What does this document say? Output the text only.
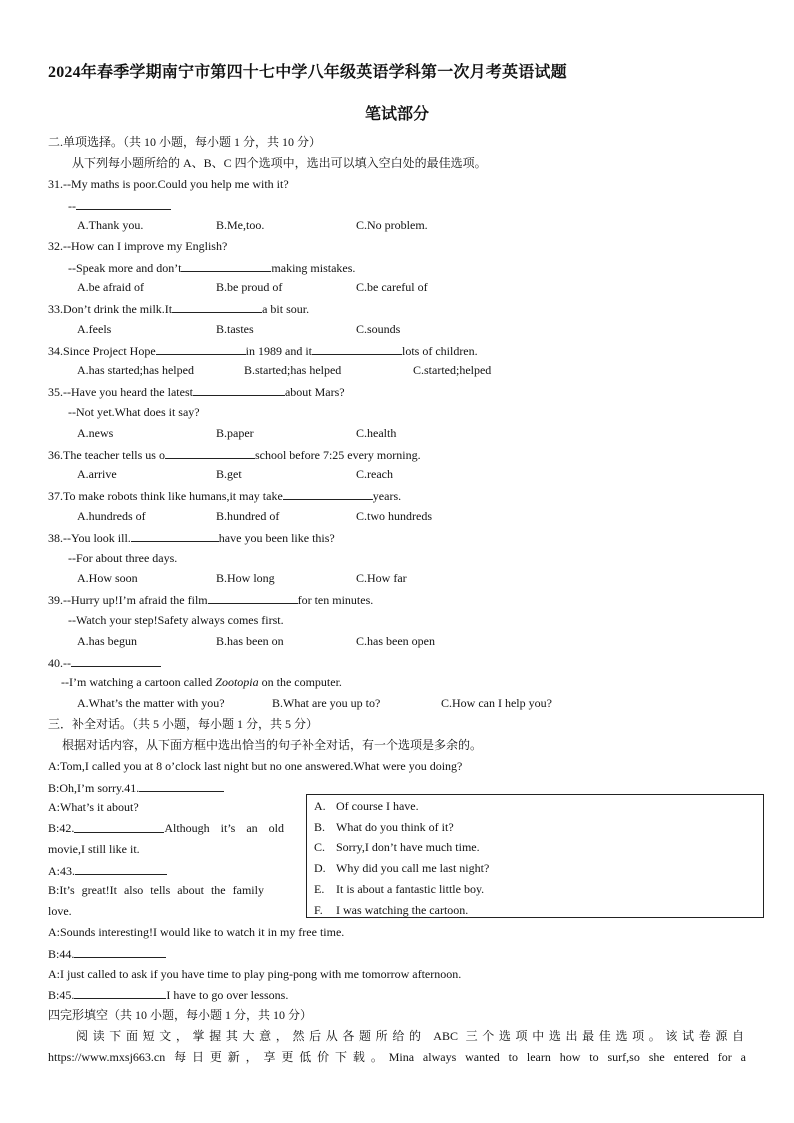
2024年春季学期南宁市第四十七中学八年级英语学科第一次月考英语试题
笔试部分
二.单项选择。（共 10 小题，每小题 1 分，共 10 分）
从下列每小题所给的 A、B、C 四个选项中，选出可以填入空白处的最佳选项。
31.--My maths is poor.Could you help me with it?
--
A.Thank you.	B.Me,too.	C.No problem.
32.--How can I improve my English?
--Speak more and don’t	making mistakes.
A.be afraid of	B.be proud of	C.be careful of
33.Don’t drink the milk.It	a bit sour.
A.feels	B.tastes	C.sounds
34.Since Project Hope	in 1989 and it	lots of children.
A.has started;has helped	B.started;has helped	C.started;helped
35.--Have you heard the latest	about Mars?
--Not yet.What does it say?
A.news	B.paper	C.health
36.The teacher tells us o	school before 7:25 every morning.
A.arrive	B.get	C.reach
37.To make robots think like humans,it may take	years.
A.hundreds of	B.hundred of	C.two hundreds
38.--You look ill.	have you been like this?
--For about three days.
A.How soon	B.How long	C.How far
39.--Hurry up!I’m afraid the film	for ten minutes.
--Watch your step!Safety always comes first.
A.has begun	B.has been on	C.has been open
40.--
--I’m watching a cartoon called Zootopia on the computer.
A.What’s the matter with you?	B.What are you up to?	C.How can I help you?
三．补全对话。（共 5 小题，每小题 1 分，共 5 分）
根据对话内容，从下面方框中选出恰当的句子补全对话，有一个选项是多余的。
A:Tom,I called you at 8 o’clock last night but no one answered.What were you doing?
B:Oh,I’m sorry.41.
A:What’s it about?
B:42.	Although it’s an old
movie,I still like it.
A:43.
B:It’s great!It also tells about the family
love.
A:Sounds interesting!I would like to watch it in my free time.
B:44.
A:I just called to ask if you have time to play ping-pong with me tomorrow afternoon.
B:45.	I have to go over lessons.
A. Of course I have.
B. What do you think of it?
C. Sorry,I don’t have much time.
D. Why did you call me last night?
E. It is about a fantastic little boy.
F. I was watching the cartoon.
四完形填空（共 10 小题，每小题 1 分，共 10 分）
阅读下面短文，掌握其大意，然后从各题所给的 ABC 三个选项中选出最佳选项。该试卷源自
https://www.mxsj663.cn 每日更新，享更低价下载。Mina always wanted to learn how to surf,so she entered for a
